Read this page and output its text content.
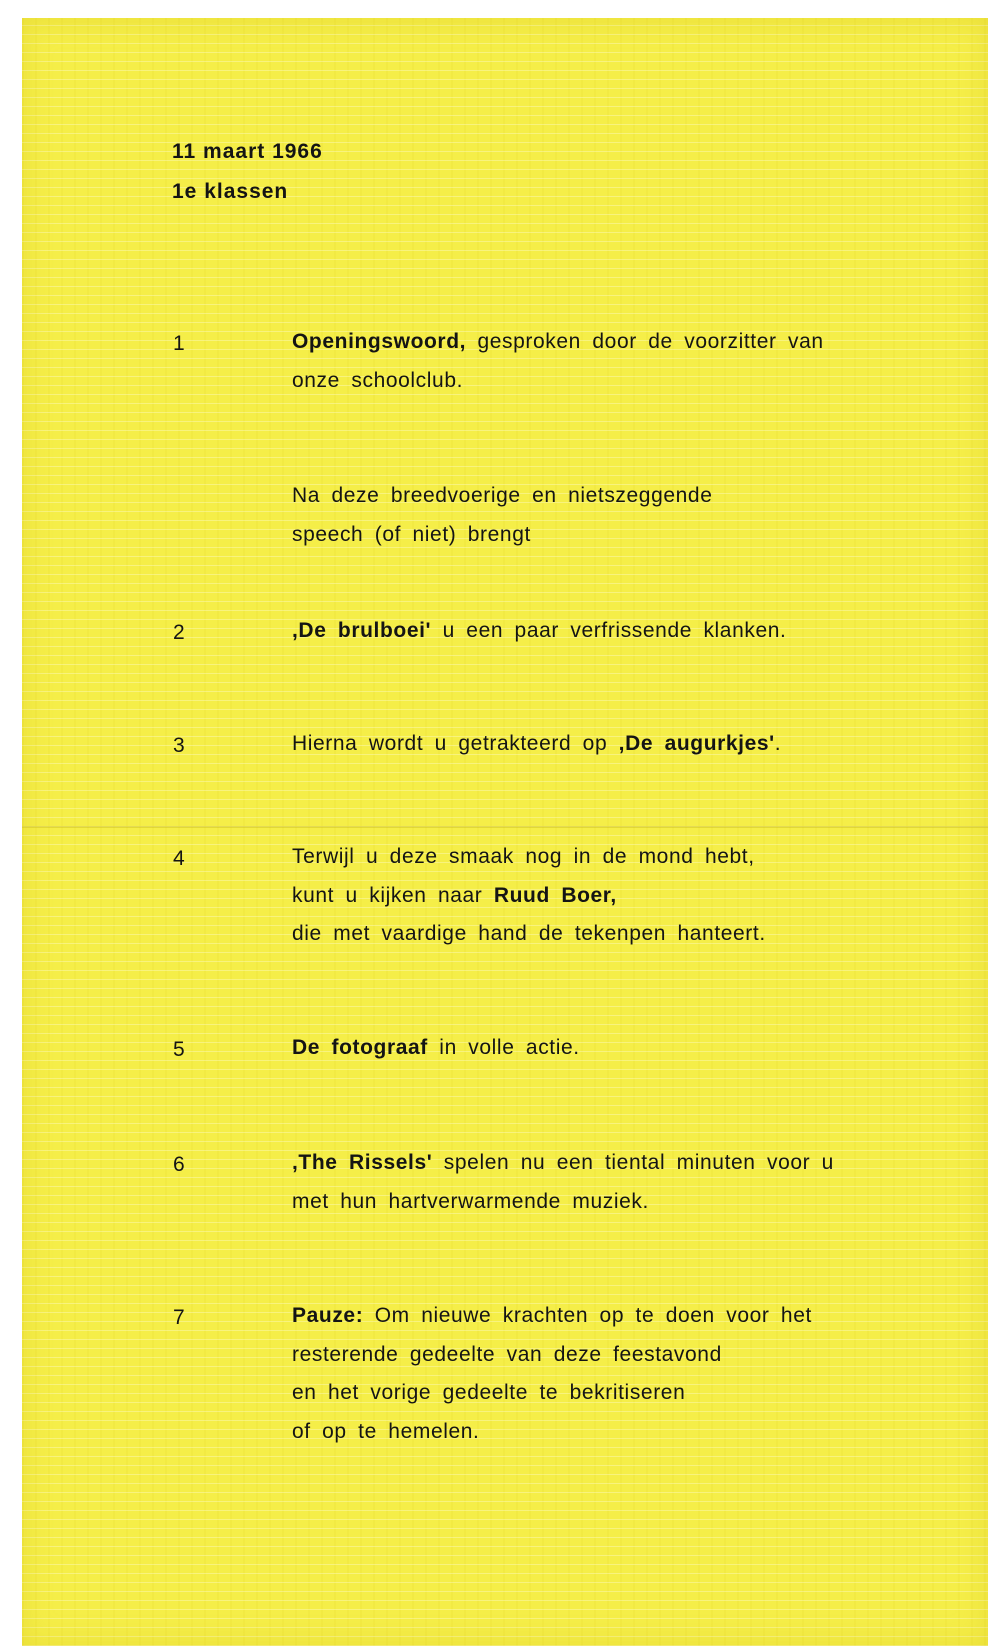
11 maart 1966
1e klassen
1	Openingswoord, gesproken door de voorzitter van
onze schoolclub.
Na deze breedvoerige en nietszeggende
speech (of niet) brengt
2	,De brulboei' u een paar verfrissende klanken.
3	Hierna wordt u getrakteerd op ,De augurkjes'.
4	Terwijl u deze smaak nog in de mond hebt,
kunt u kijken naar Ruud Boer,
die met vaardige hand de tekenpen hanteert.
5	De fotograaf in volle actie.
6	,The Rissels' spelen nu een tiental minuten voor u
met hun hartverwarmende muziek.
7	Pauze: Om nieuwe krachten op te doen voor het
resterende gedeelte van deze feestavond
en het vorige gedeelte te bekritiseren
of op te hemelen.
